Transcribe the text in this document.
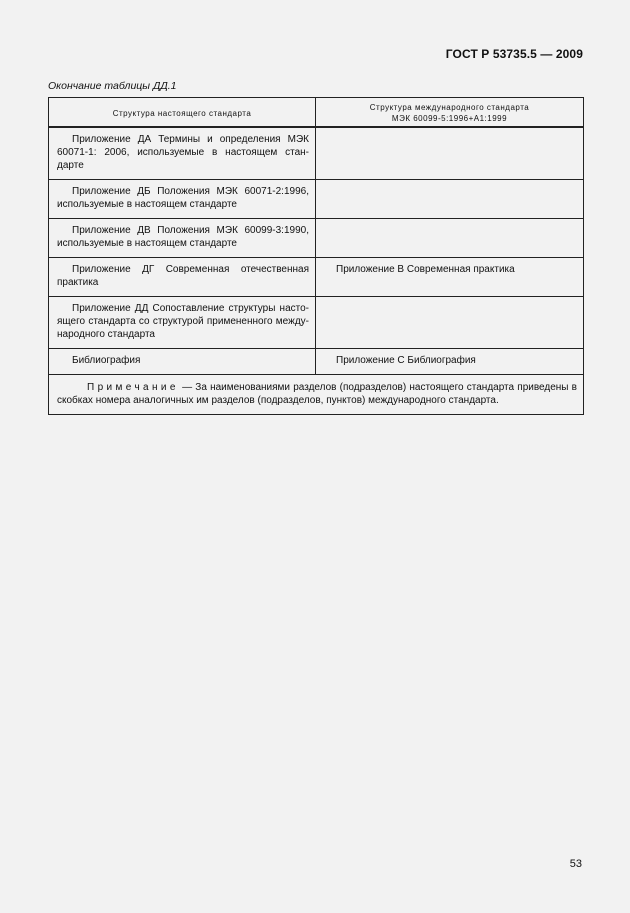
ГОСТ Р 53735.5 — 2009
Окончание таблицы ДД.1
Структура настоящего стандарта	Структура международного стандарта
МЭК 60099-5:1996+А1:1999

Приложение ДА Термины и определения МЭК 60071-1: 2006, используемые в настоящем стан-дарте	
Приложение ДБ Положения МЭК 60071-2:1996, используемые в настоящем стандарте	
Приложение ДВ Положения МЭК 60099-3:1990, используемые в настоящем стандарте	
Приложение ДГ Современная отечественная практика	Приложение В Современная практика
Приложение ДД Сопоставление структуры насто-ящего стандарта со структурой примененного между-народного стандарта	
Библиография	Приложение С Библиография
Примечание — За наименованиями разделов (подразделов) настоящего стандарта приведены в скобках номера аналогичных им разделов (подразделов, пунктов) международного стандарта.	
53
